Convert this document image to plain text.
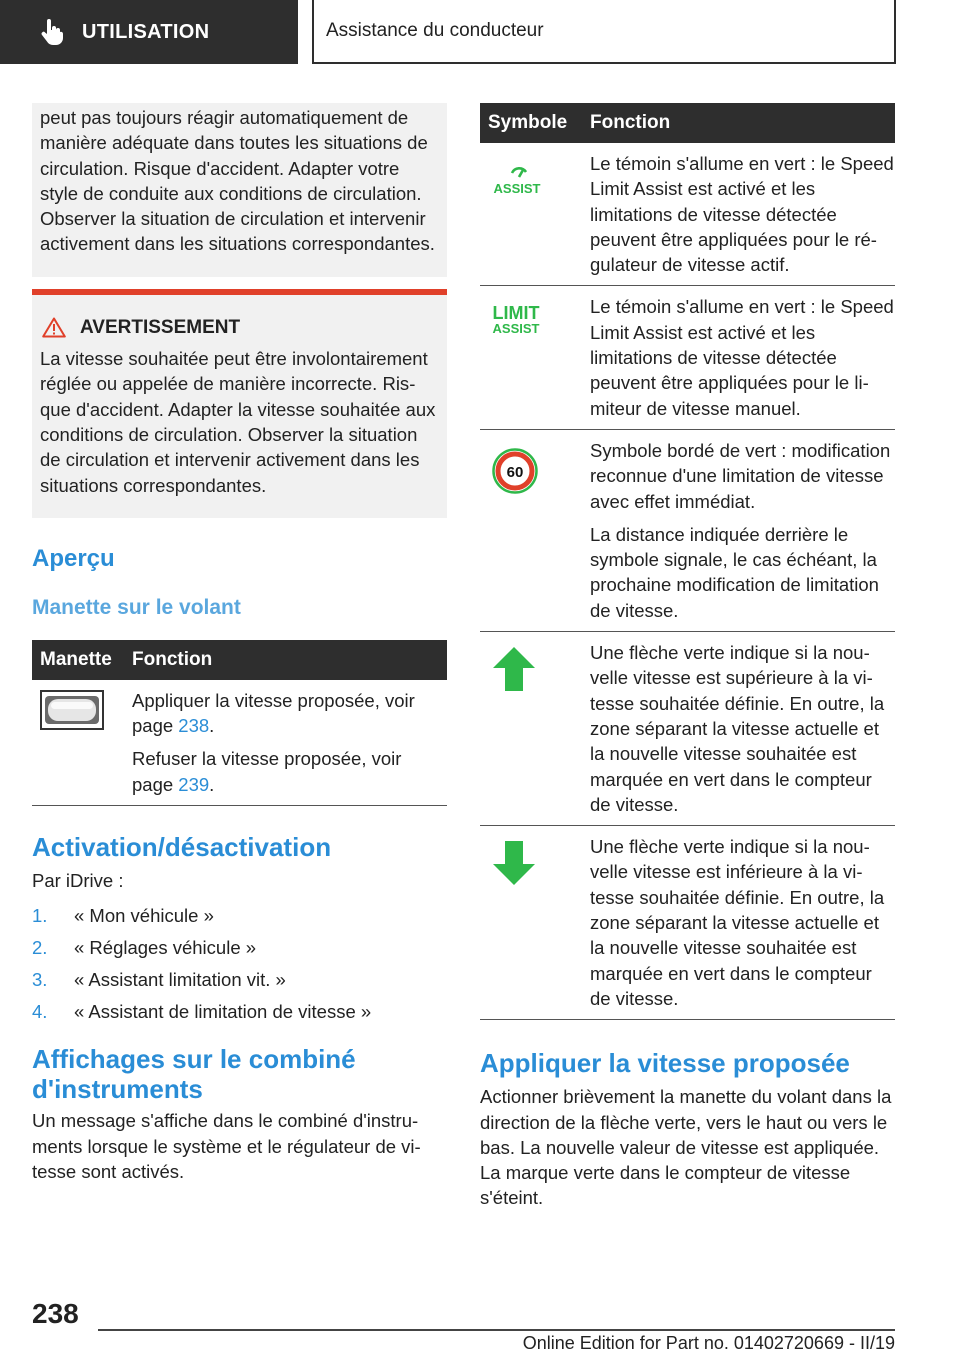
UTILISATION	Assistance du conducteur
peut pas toujours réagir automatiquement de manière adéquate dans toutes les situations de circulation. Risque d'accident. Adapter votre style de conduite aux conditions de circulation. Observer la situation de circulation et intervenir activement dans les situations correspondantes.
AVERTISSEMENT
La vitesse souhaitée peut être involontairement réglée ou appelée de manière incorrecte. Risque d'accident. Adapter la vitesse souhaitée aux conditions de circulation. Observer la situation de circulation et intervenir activement dans les situations correspondantes.
Aperçu
Manette sur le volant
Manette	Fonction

Appliquer la vitesse proposée, voir page 238.

Refuser la vitesse proposée, voir page 239.

Activation/désactivation

Par iDrive :

1.	« Mon véhicule »
2.	« Réglages véhicule »
3.	« Assistant limitation vit. »
4.	« Assistant de limitation de vitesse »
Affichages sur le combiné d'instruments

Un message s'affiche dans le combiné d'instruments lorsque le système et le régulateur de vitesse sont activés.

Symbole	Fonction

ASSIST	Le témoin s'allume en vert : le Speed Limit Assist est activé et les limitations de vitesse détectée peuvent être appliquées pour le régulateur de vitesse actif.

LIMIT
ASSIST	Le témoin s'allume en vert : le Speed Limit Assist est activé et les limitations de vitesse détectée peuvent être appliquées pour le limiteur de vitesse manuel.

60	Symbole bordé de vert : modification reconnue d'une limitation de vitesse avec effet immédiat.

La distance indiquée derrière le symbole signale, le cas échéant, la prochaine modification de limitation de vitesse.

Une flèche verte indique si la nouvelle vitesse est supérieure à la vitesse souhaitée définie. En outre, la zone séparant la vitesse actuelle et la nouvelle vitesse souhaitée est marquée en vert dans le compteur de vitesse.

Une flèche verte indique si la nouvelle vitesse est inférieure à la vitesse souhaitée définie. En outre, la zone séparant la vitesse actuelle et la nouvelle vitesse souhaitée est marquée en vert dans le compteur de vitesse.

Appliquer la vitesse proposée

Actionner brièvement la manette du volant dans la direction de la flèche verte, vers le haut ou vers le bas. La nouvelle valeur de vitesse est appliquée. La marque verte dans le compteur de vitesse s'éteint.

238
Online Edition for Part no. 01402720669 - II/19
